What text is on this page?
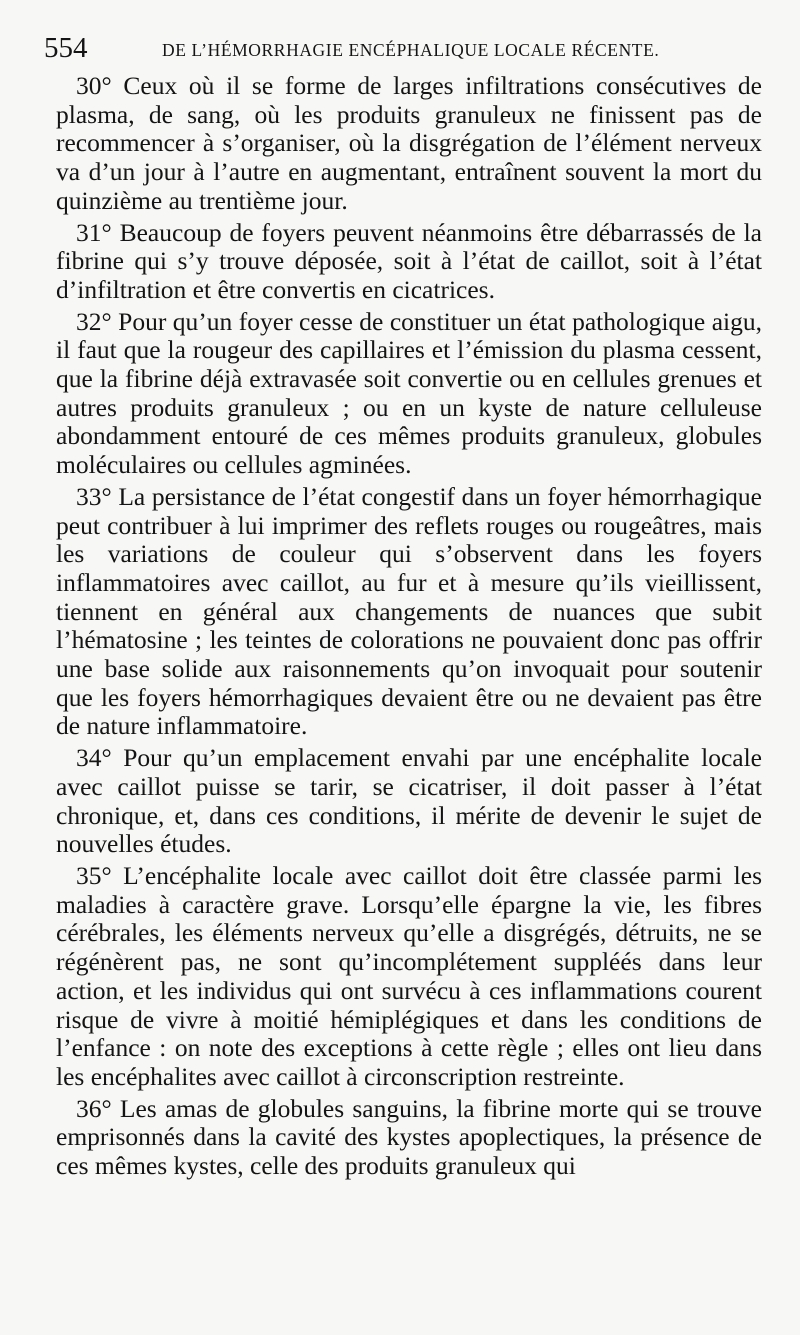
554	DE L’HÉMORRHAGIE ENCÉPHALIQUE LOCALE RÉCENTE.

30° Ceux où il se forme de larges infiltrations consécutives de plasma, de sang, où les produits granuleux ne finissent pas de recommencer à s’organiser, où la disgrégation de l’élément nerveux va d’un jour à l’autre en augmentant, entraînent souvent la mort du quinzième au trentième jour.

31° Beaucoup de foyers peuvent néanmoins être débarrassés de la fibrine qui s’y trouve déposée, soit à l’état de caillot, soit à l’état d’infiltration et être convertis en cicatrices.

32° Pour qu’un foyer cesse de constituer un état pathologique aigu, il faut que la rougeur des capillaires et l’émission du plasma cessent, que la fibrine déjà extravasée soit convertie ou en cellules grenues et autres produits granuleux ; ou en un kyste de nature celluleuse abondamment entouré de ces mêmes produits granuleux, globules moléculaires ou cellules agminées.

33° La persistance de l’état congestif dans un foyer hémorrhagique peut contribuer à lui imprimer des reflets rouges ou rougeâtres, mais les variations de couleur qui s’observent dans les foyers inflammatoires avec caillot, au fur et à mesure qu’ils vieillissent, tiennent en général aux changements de nuances que subit l’hématosine ; les teintes de colorations ne pouvaient donc pas offrir une base solide aux raisonnements qu’on invoquait pour soutenir que les foyers hémorrhagiques devaient être ou ne devaient pas être de nature inflammatoire.

34° Pour qu’un emplacement envahi par une encéphalite locale avec caillot puisse se tarir, se cicatriser, il doit passer à l’état chronique, et, dans ces conditions, il mérite de devenir le sujet de nouvelles études.

35° L’encéphalite locale avec caillot doit être classée parmi les maladies à caractère grave. Lorsqu’elle épargne la vie, les fibres cérébrales, les éléments nerveux qu’elle a disgrégés, détruits, ne se régénèrent pas, ne sont qu’incomplétement suppléés dans leur action, et les individus qui ont survécu à ces inflammations courent risque de vivre à moitié hémiplégiques et dans les conditions de l’enfance : on note des exceptions à cette règle ; elles ont lieu dans les encéphalites avec caillot à circonscription restreinte.

36° Les amas de globules sanguins, la fibrine morte qui se trouve emprisonnés dans la cavité des kystes apoplectiques, la présence de ces mêmes kystes, celle des produits granuleux qui
